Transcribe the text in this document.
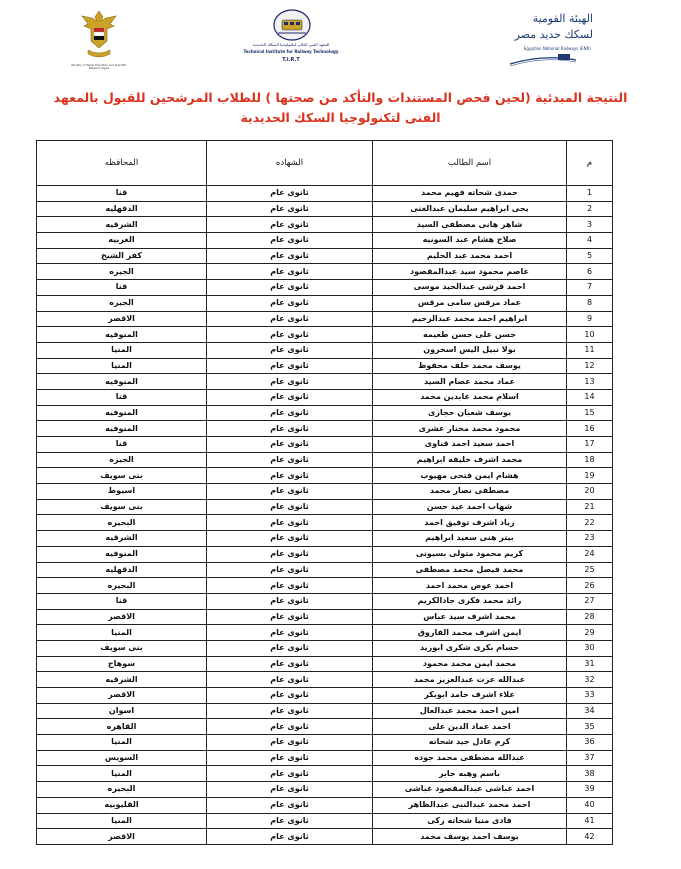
Ministry of Higher Education and Scientific Research Egypt
المعهد الفني العالى لتكنولوجيا السكك الحديدية
Technical Institute for Railway Technology
T.I.R.T
الهيئة القومية
لسكك حديد مصر
Egyptian National Railways (ENR)
النتيجة المبدئية (لحين فحص المستندات والتأكد من صحتها ) للطلاب المرشحين للقبول بالمعهد
الفنى لتكنولوجيا السكك الحديدية
المحافظه	الشهاده	اسم الطالب	م
قنا	ثانوى عام	حمدى شحاته فهيم محمد	1
الدقهليه	ثانوى عام	يحى ابراهيم سليمان عبدالغنى	2
الشرقيه	ثانوى عام	شاهر هانى مصطفى السيد	3
الغربيه	ثانوى عام	صلاح هشام عبد السونيه	4
كفر الشيخ	ثانوى عام	احمد محمد عبد الحليم	5
الجيزه	ثانوى عام	عاصم محمود سيد عبدالمقصود	6
قنا	ثانوى عام	احمد قرشى عبدالحيد موسى	7
الجيزه	ثانوى عام	عماد مرقس سامى مرقس	8
الاقصر	ثانوى عام	ابراهيم احمد محمد عبدالرحيم	9
المنوفيه	ثانوى عام	حسن على حسن طعيمه	10
المنيا	ثانوى عام	بولا نبيل اليس اسخرون	11
المنيا	ثانوى عام	يوسف محمد خلف محفوظ	12
المنوفيه	ثانوى عام	عماد محمد عصام السيد	13
قنا	ثانوى عام	اسلام محمد عابدين محمد	14
المنوفيه	ثانوى عام	يوسف شعبان حجازى	15
المنوفيه	ثانوى عام	محمود محمد مختار عشرى	16
قنا	ثانوى عام	احمد سعيد احمد قناوى	17
الجيزه	ثانوى عام	محمد اشرف خليفه ابراهيم	18
بنى سويف	ثانوى عام	هشام ايمن فتحى مهيوب	19
اسيوط	ثانوى عام	مصطفى نصار محمد	20
بنى سويف	ثانوى عام	شهاب احمد عيد حسن	21
البحيره	ثانوى عام	زياد اشرف توفيق احمد	22
الشرقيه	ثانوى عام	بيتر هنى سعيد ابراهيم	23
المنوفيه	ثانوى عام	كريم محمود متولى بسيونى	24
الدقهليه	ثانوى عام	محمد فيصل محمد مصطفى	25
البحيره	ثانوى عام	احمد عوض محمد احمد	26
قنا	ثانوى عام	رائد محمد فكرى جادالكريم	27
الاقصر	ثانوى عام	محمد اشرف سيد عباس	28
المنيا	ثانوى عام	ايمن اشرف محمد الفاروق	29
بنى سويف	ثانوى عام	حسام بكرى شكرى ابوزيد	30
سوهاج	ثانوى عام	محمد ايمن محمد محمود	31
الشرقيه	ثانوى عام	عبدالله عزت عبدالعزيز محمد	32
الاقصر	ثانوى عام	علاء اشرف حامد ابوبكر	33
اسوان	ثانوى عام	امين احمد محمد عبدالعال	34
القاهره	ثانوى عام	احمد عماد الدين على	35
المنيا	ثانوى عام	كرم عادل جيد شحاته	36
السويس	ثانوى عام	عبدالله مصطفى محمد جوده	37
المنيا	ثانوى عام	باسم وهبه جابر	38
البحيره	ثانوى عام	احمد غباشى عبدالمقصود غباشى	39
القليوبيه	ثانوى عام	احمد محمد عبدالنبى عبدالظاهر	40
المنيا	ثانوى عام	فادى منيا شحاته زكى	41
الاقصر	ثانوى عام	يوسف احمد يوسف محمد	42
